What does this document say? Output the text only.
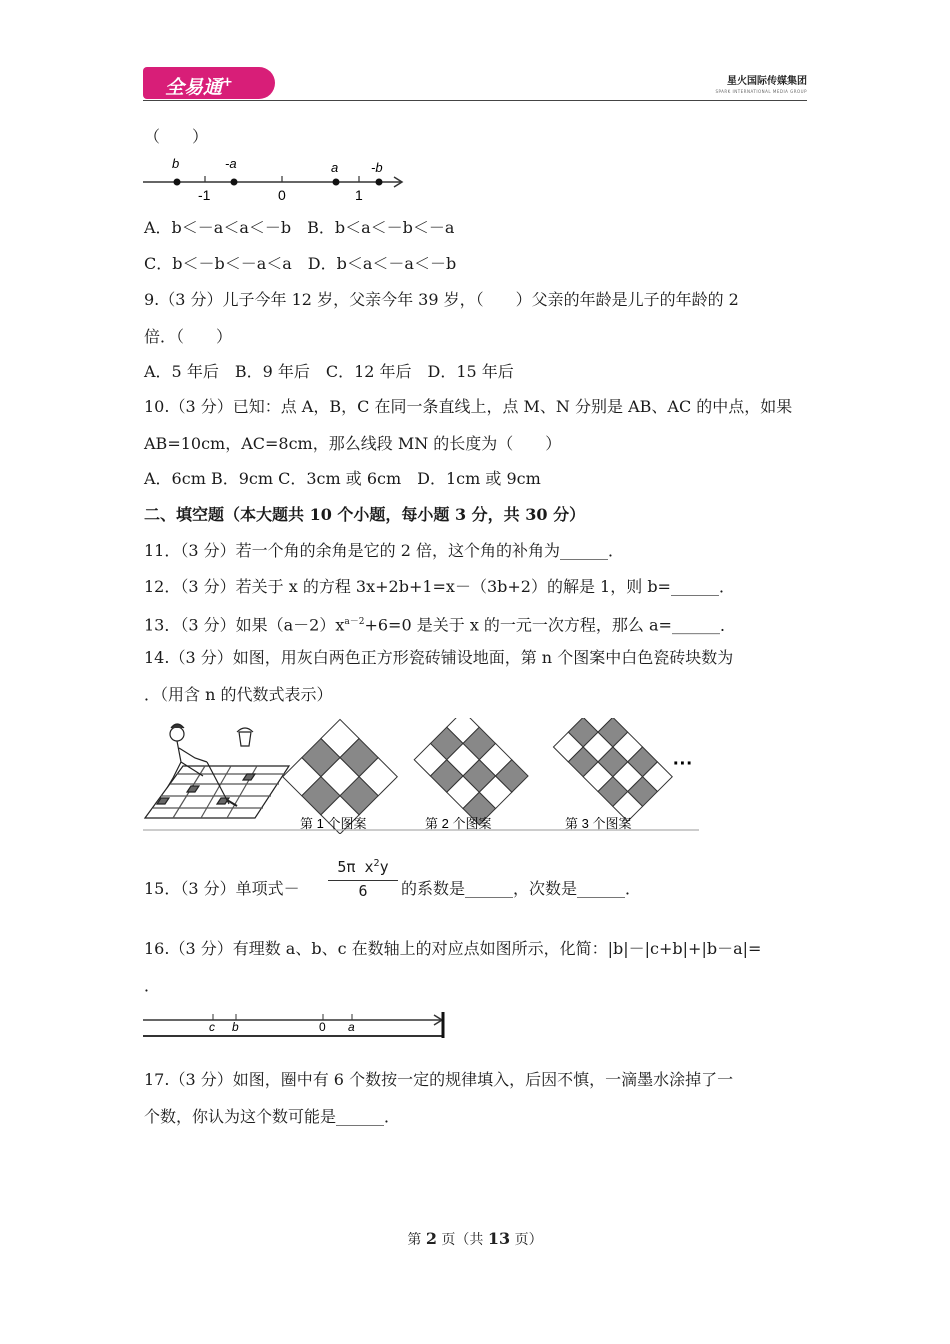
全易通+	星火国际传媒集团
SPARK INTERNATIONAL MEDIA GROUP
（　　）
b	-a	a	-b
-1	0	1
A．b＜－a＜a＜－b　B．b＜a＜－b＜－a
C．b＜－b＜－a＜a　D．b＜a＜－a＜－b
9.（3 分）儿子今年 12 岁，父亲今年 39 岁，（　　）父亲的年龄是儿子的年龄的 2
倍．（　　）
A．5 年后　B．9 年后　C．12 年后　D．15 年后
10.（3 分）已知：点 A，B，C 在同一条直线上，点 M、N 分别是 AB、AC 的中点，如果
AB=10cm，AC=8cm，那么线段 MN 的长度为（　　）
A．6cm B．9cm C．3cm 或 6cm　D．1cm 或 9cm
二、填空题（本大题共 10 个小题，每小题 3 分，共 30 分）
11．（3 分）若一个角的余角是它的 2 倍，这个角的补角为______．
12．（3 分）若关于 x 的方程 3x+2b+1=x－（3b+2）的解是 1，则 b=______．
13．（3 分）如果$(a-2)x^{a-2}+6=0$ 是关于 x 的一元一次方程，那么 a=______．
14.（3 分）如图，用灰白两色正方形瓷砖铺设地面，第 n 个图案中白色瓷砖块数为
．（用含 n 的代数式表示）
···
第 1 个图案	第 2 个图案	第 3 个图案
15．（3 分）单项式－
5π $x^2y$
6	的系数是______，次数是______．
16.（3 分）有理数 a、b、c 在数轴上的对应点如图所示，化简：|b|－|c+b|+|b－a|=
．
c b	0 a
17.（3 分）如图，圈中有 6 个数按一定的规律填入，后因不慎，一滴墨水涂掉了一
个数，你认为这个数可能是______．
第 2 页（共 13 页）
